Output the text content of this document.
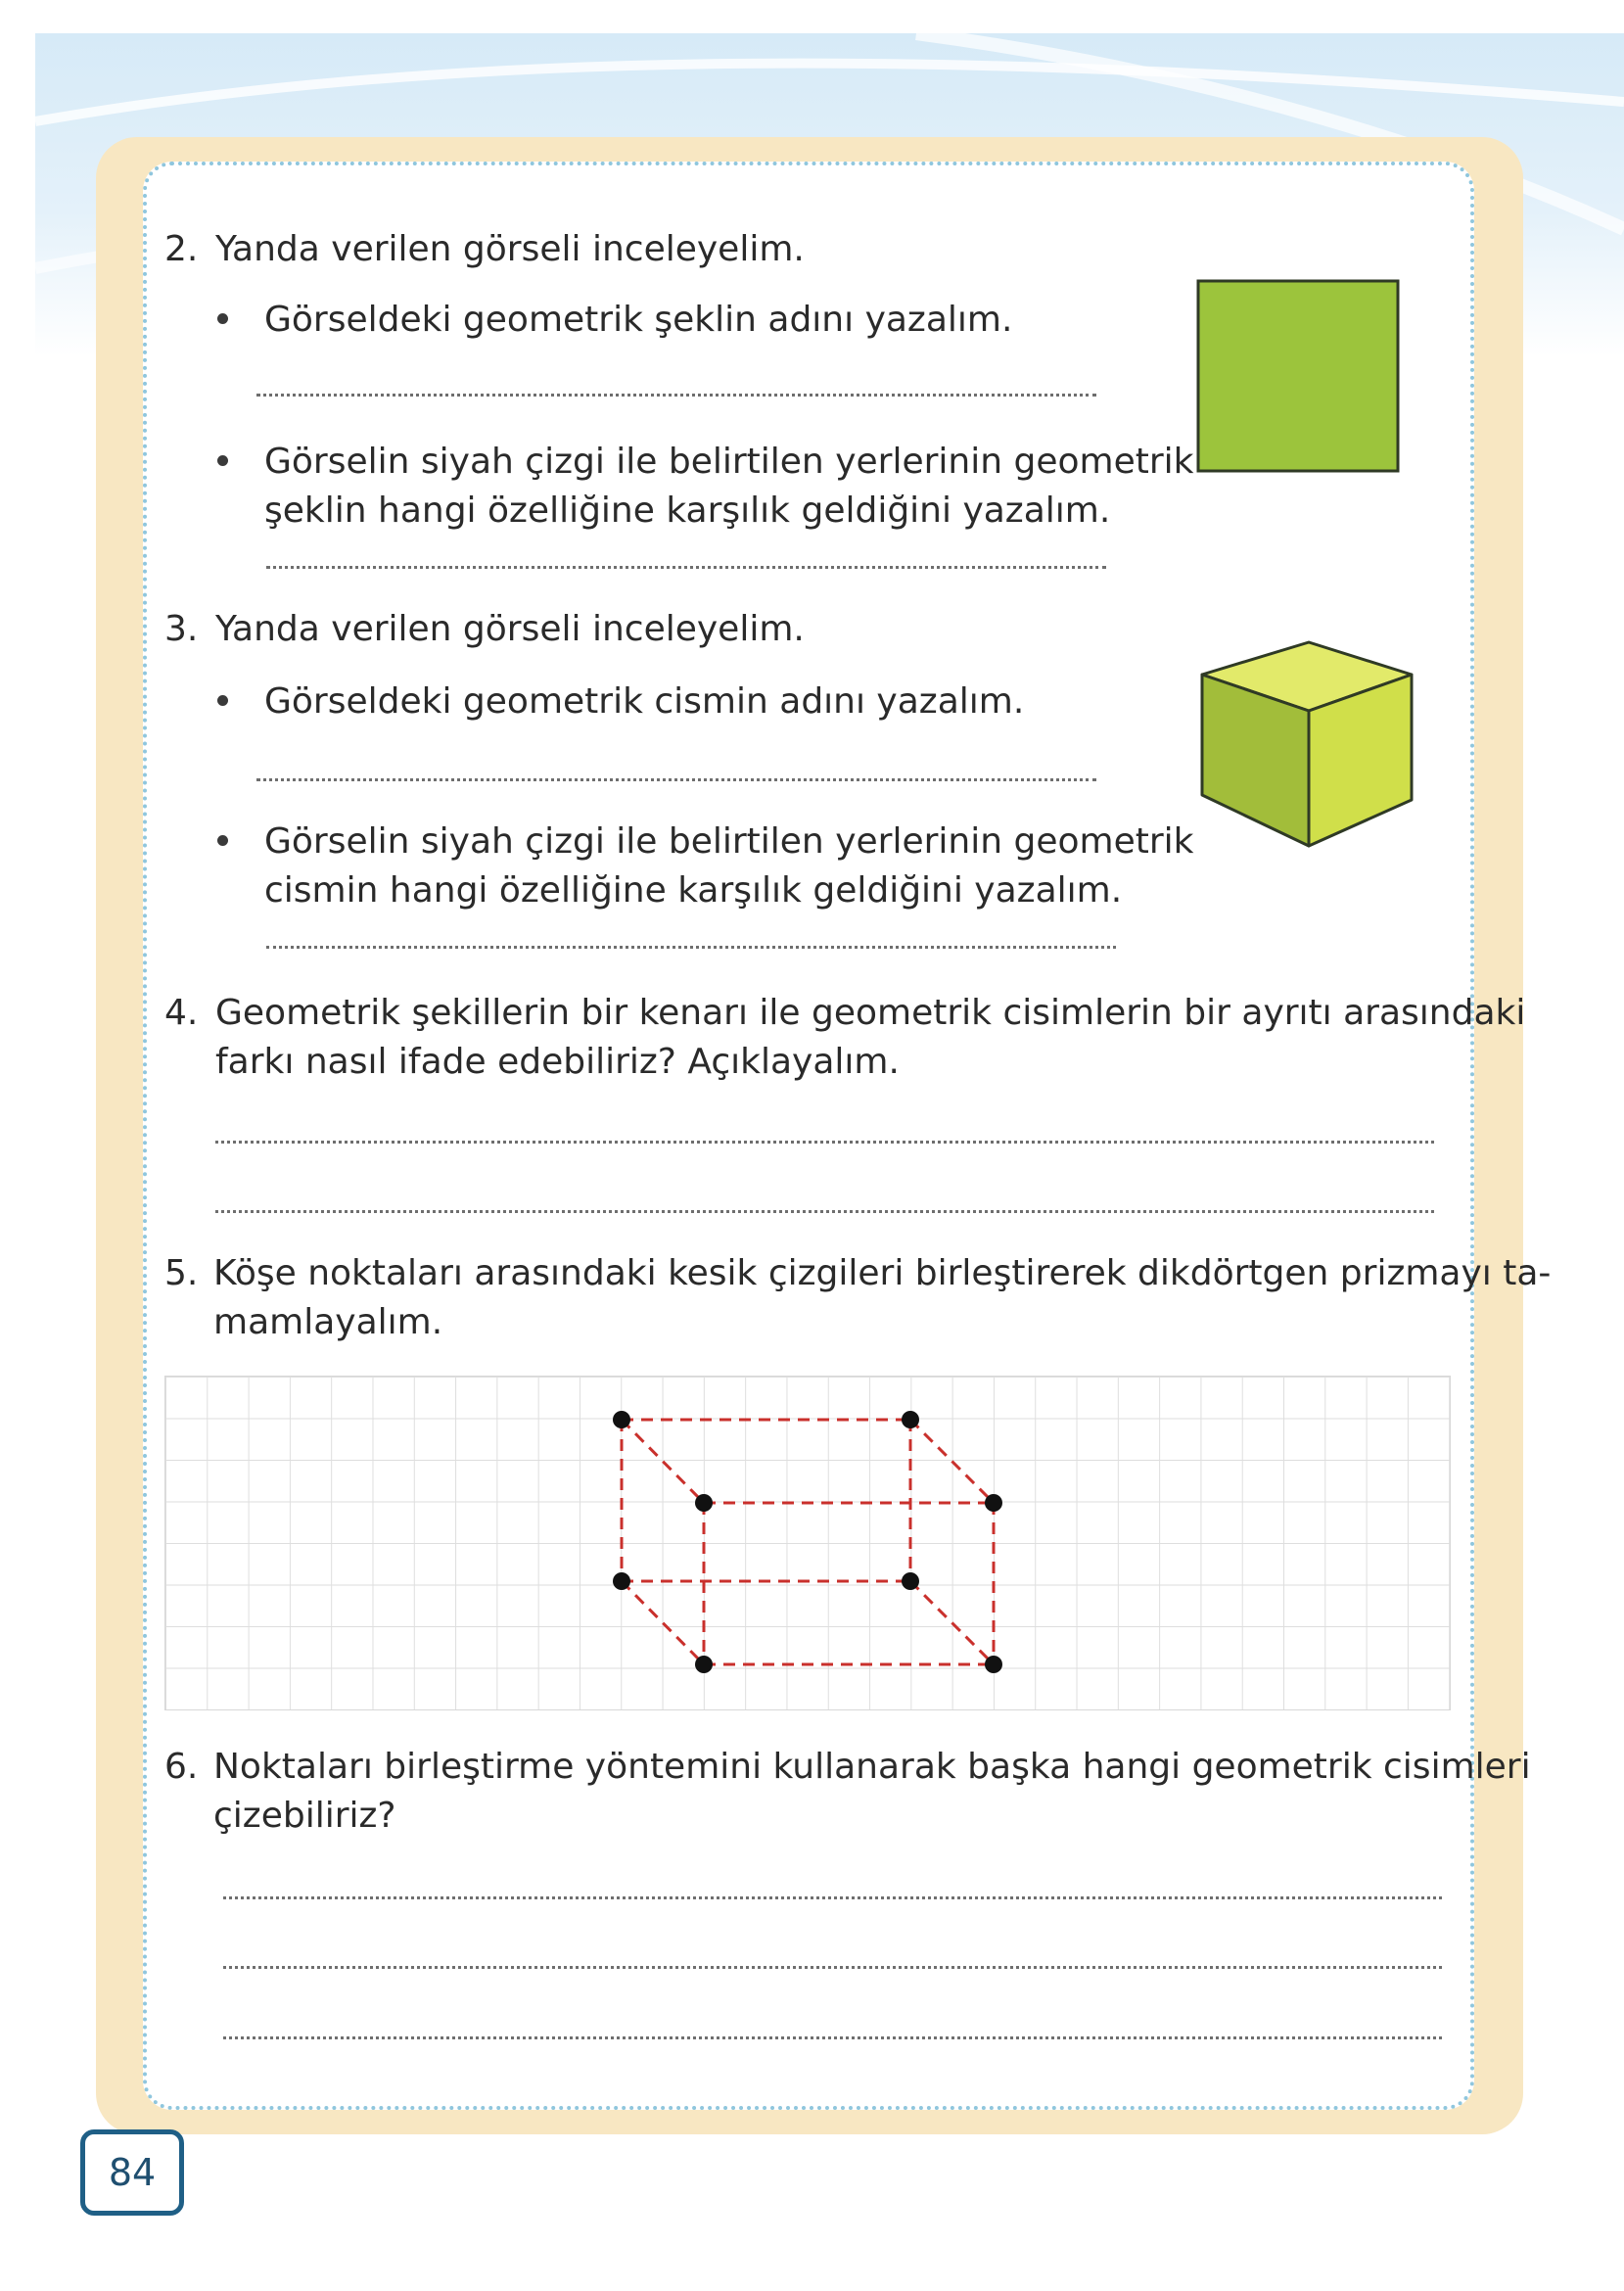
2. Yanda verilen görseli inceleyelim.
Görseldeki geometrik şeklin adını yazalım.
Görselin siyah çizgi ile belirtilen yerlerinin geometrik
şeklin hangi özelliğine karşılık geldiğini yazalım.
3. Yanda verilen görseli inceleyelim.
Görseldeki geometrik cismin adını yazalım.
Görselin siyah çizgi ile belirtilen yerlerinin geometrik
cismin hangi özelliğine karşılık geldiğini yazalım.
4. Geometrik şekillerin bir kenarı ile geometrik cisimlerin bir ayrıtı arasındaki
farkı nasıl ifade edebiliriz? Açıklayalım.
5. Köşe noktaları arasındaki kesik çizgileri birleştirerek dikdörtgen prizmayı ta-
mamlayalım.
6. Noktaları birleştirme yöntemini kullanarak başka hangi geometrik cisimleri
çizebiliriz?
84
